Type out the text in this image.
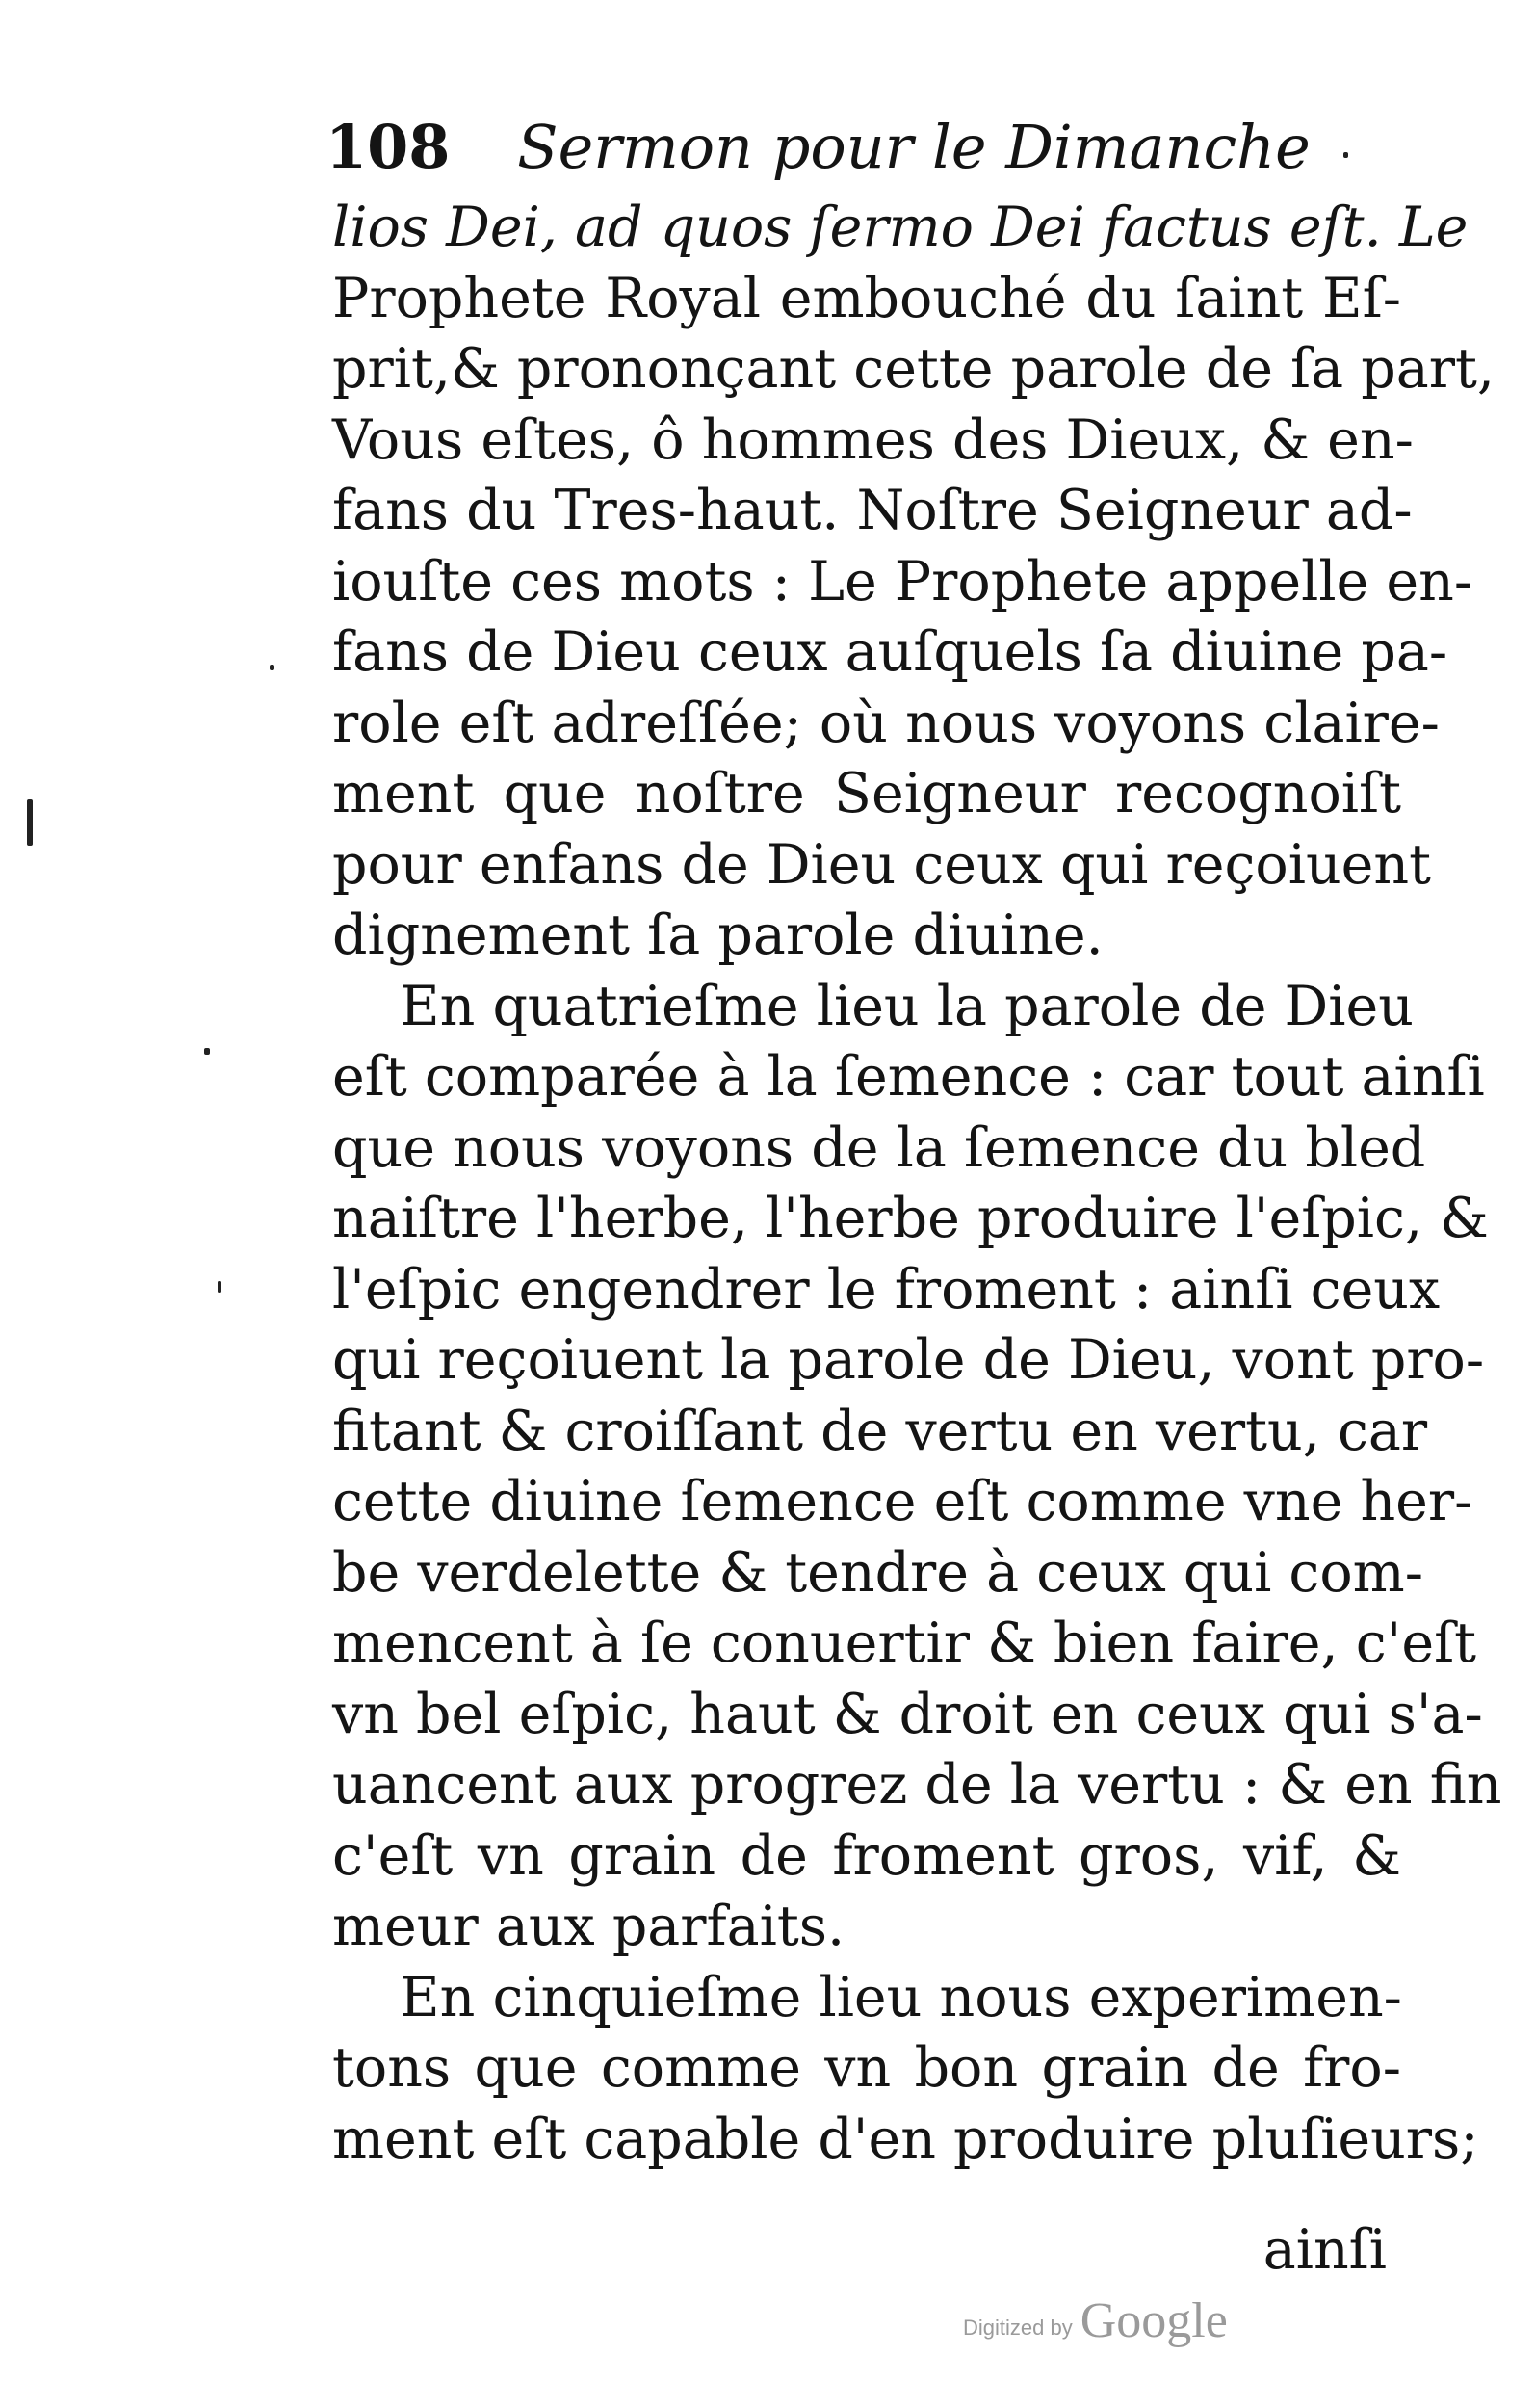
108 Sermon pour le Dimanche
lios Dei, ad quos ſermo Dei factus eſt. Le
Prophete Royal embouché du ſaint Eſ-
prit,& prononçant cette parole de ſa part,
Vous eſtes, ô hommes des Dieux, & en-
fans du Tres-haut. Noſtre Seigneur ad-
iouſte ces mots : Le Prophete appelle en-
fans de Dieu ceux auſquels ſa diuine pa-
role eſt adreſſée; où nous voyons claire-
ment que noſtre Seigneur recognoiſt
pour enfans de Dieu ceux qui reçoiuent
dignement ſa parole diuine.
En quatrieſme lieu la parole de Dieu
eſt comparée à la ſemence : car tout ainſi
que nous voyons de la ſemence du bled
naiſtre l'herbe, l'herbe produire l'eſpic, &
l'eſpic engendrer le froment : ainſi ceux
qui reçoiuent la parole de Dieu, vont pro-
fitant & croiſſant de vertu en vertu, car
cette diuine ſemence eſt comme vne her-
be verdelette & tendre à ceux qui com-
mencent à ſe conuertir & bien faire, c'eſt
vn bel eſpic, haut & droit en ceux qui s'a-
uancent aux progrez de la vertu : & en fin
c'eſt vn grain de froment gros, vif, &
meur aux parfaits.
En cinquieſme lieu nous experimen-
tons que comme vn bon grain de fro-
ment eſt capable d'en produire pluſieurs;
ainſi
Digitized by Google
